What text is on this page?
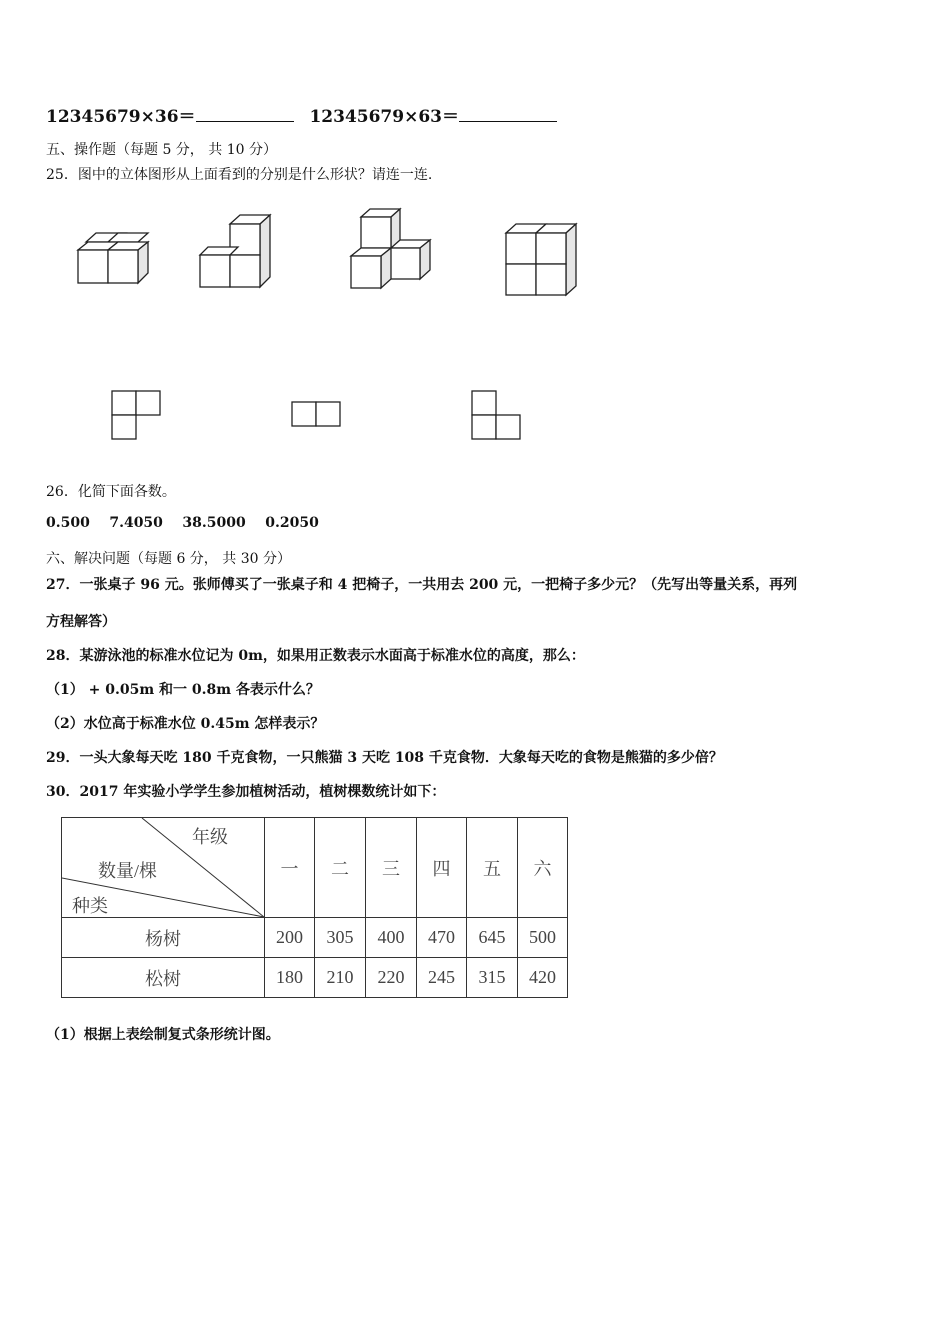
12345679×36＝	12345679×63＝
五、操作题（每题 5 分， 共 10 分）
25．图中的立体图形从上面看到的分别是什么形状？请连一连.
26．化简下面各数。
0.500    7.4050    38.5000    0.2050
六、解决问题（每题 6 分， 共 30 分）
27．一张桌子 96 元。张师傅买了一张桌子和 4 把椅子，一共用去 200 元，一把椅子多少元？（先写出等量关系，再列
方程解答）
28．某游泳池的标准水位记为 0m，如果用正数表示水面高于标准水位的高度，那么：
（1） + 0.05m 和一 0.8m 各表示什么？
（2）水位高于标准水位 0.45m 怎样表示？
29．一头大象每天吃 180 千克食物，一只熊猫 3 天吃 108 千克食物．大象每天吃的食物是熊猫的多少倍？
30．2017 年实验小学学生参加植树活动，植树棵数统计如下：
年级
数量/棵
种类	一	二	三	四	五	六
杨树	200	305	400	470	645	500
松树	180	210	220	245	315	420
（1）根据上表绘制复式条形统计图。
